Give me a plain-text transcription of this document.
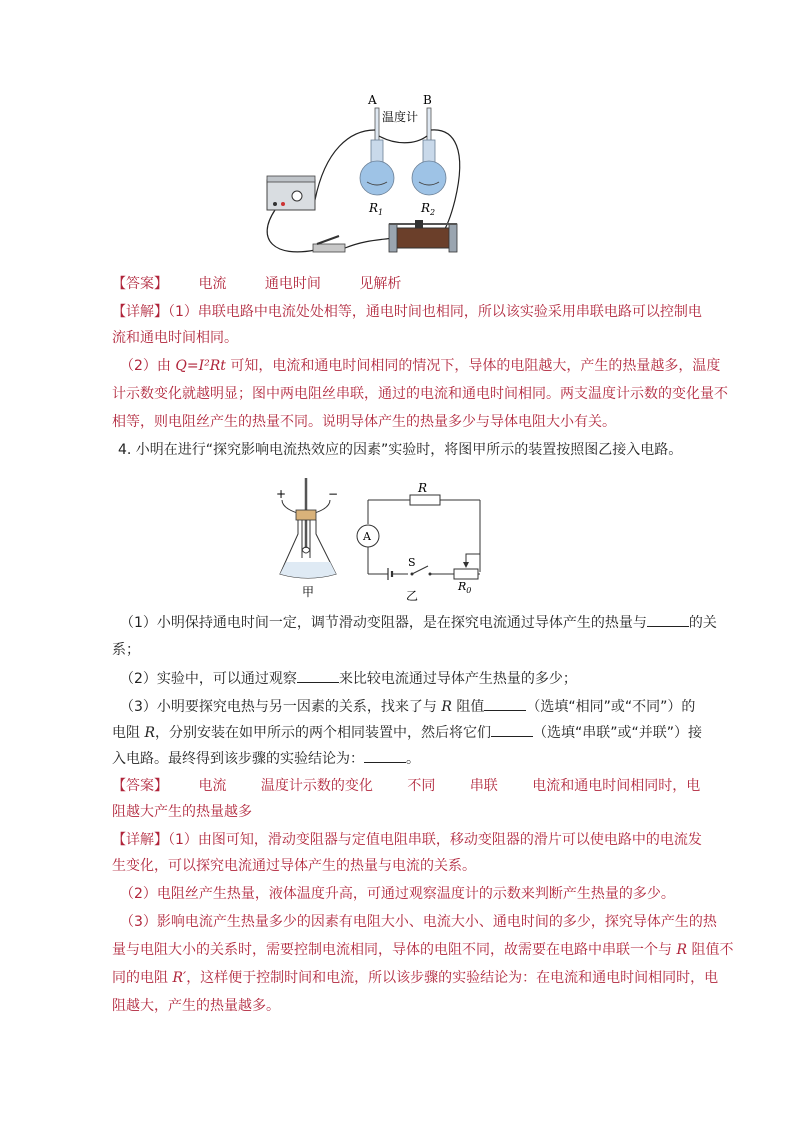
A	B
温度计
$R_1$	$R_2$
【答案】 电流	通电时间	见解析
【详解】（1）串联电路中电流处处相等，通电时间也相同，所以该实验采用串联电路可以控制电
流和通电时间相同。
（2）由 Q=I²Rt 可知，电流和通电时间相同的情况下，导体的电阻越大，产生的热量越多，温度
计示数变化就越明显；图中两电阻丝串联，通过的电流和通电时间相同。两支温度计示数的变化量不
相等，则电阻丝产生的热量不同。说明导体产生的热量多少与导体电阻大小有关。
4. 小明在进行“探究影响电流热效应的因素”实验时，将图甲所示的装置按照图乙接入电路。
+	−
甲
R
A
S
$R_0$
乙
（1）小明保持通电时间一定，调节滑动变阻器，是在探究电流通过导体产生的热量与	的关
系；
（2）实验中，可以通过观察	来比较电流通过导体产生热量的多少；
（3）小明要探究电热与另一因素的关系，找来了与 R 阻值	（选填“相同”或“不同”）的
电阻 R，分别安装在如甲所示的两个相同装置中，然后将它们	（选填“串联”或“并联”）接
入电路。最终得到该步骤的实验结论为：	。
【答案】 电流 温度计示数的变化 不同 串联 电流和通电时间相同时，电
阻越大产生的热量越多
【详解】（1）由图可知，滑动变阻器与定值电阻串联，移动变阻器的滑片可以使电路中的电流发
生变化，可以探究电流通过导体产生的热量与电流的关系。
（2）电阻丝产生热量，液体温度升高，可通过观察温度计的示数来判断产生热量的多少。
（3）影响电流产生热量多少的因素有电阻大小、电流大小、通电时间的多少，探究导体产生的热
量与电阻大小的关系时，需要控制电流相同，导体的电阻不同，故需要在电路中串联一个与 R 阻值不
同的电阻 R′，这样便于控制时间和电流，所以该步骤的实验结论为：在电流和通电时间相同时，电
阻越大，产生的热量越多。
